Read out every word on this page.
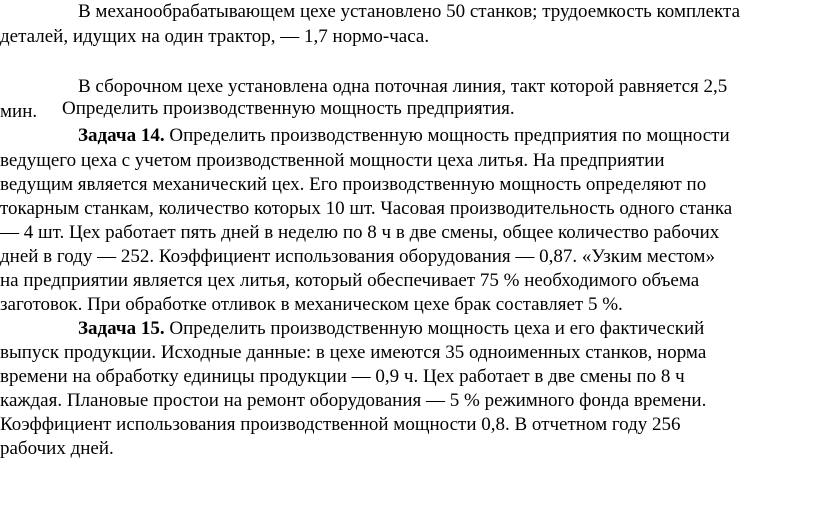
В механообрабатывающем цехе установлено 50 станков; трудоемкость комплекта
деталей, идущих на один трактор, — 1,7 нормо-часа.
В сборочном цехе установлена одна поточная линия, такт которой равняется 2,5
мин. Определить производственную мощность предприятия.
Задача 14. Определить производственную мощность предприятия по мощности
ведущего цеха с учетом производственной мощности цеха литья. На предприятии
ведущим является механический цех. Его производственную мощность определяют по
токарным станкам, количество которых 10 шт. Часовая производительность одного станка
— 4 шт. Цех работает пять дней в неделю по 8 ч в две смены, общее количество рабочих
дней в году — 252. Коэффициент использования оборудования — 0,87. «Узким местом»
на предприятии является цех литья, который обеспечивает 75 % необходимого объема
заготовок. При обработке отливок в механическом цехе брак составляет 5 %.
Задача 15. Определить производственную мощность цеха и его фактический
выпуск продукции. Исходные данные: в цехе имеются 35 одноименных станков, норма
времени на обработку единицы продукции — 0,9 ч. Цех работает в две смены по 8 ч
каждая. Плановые простои на ремонт оборудования — 5 % режимного фонда времени.
Коэффициент использования производственной мощности 0,8. В отчетном году 256
рабочих дней.
